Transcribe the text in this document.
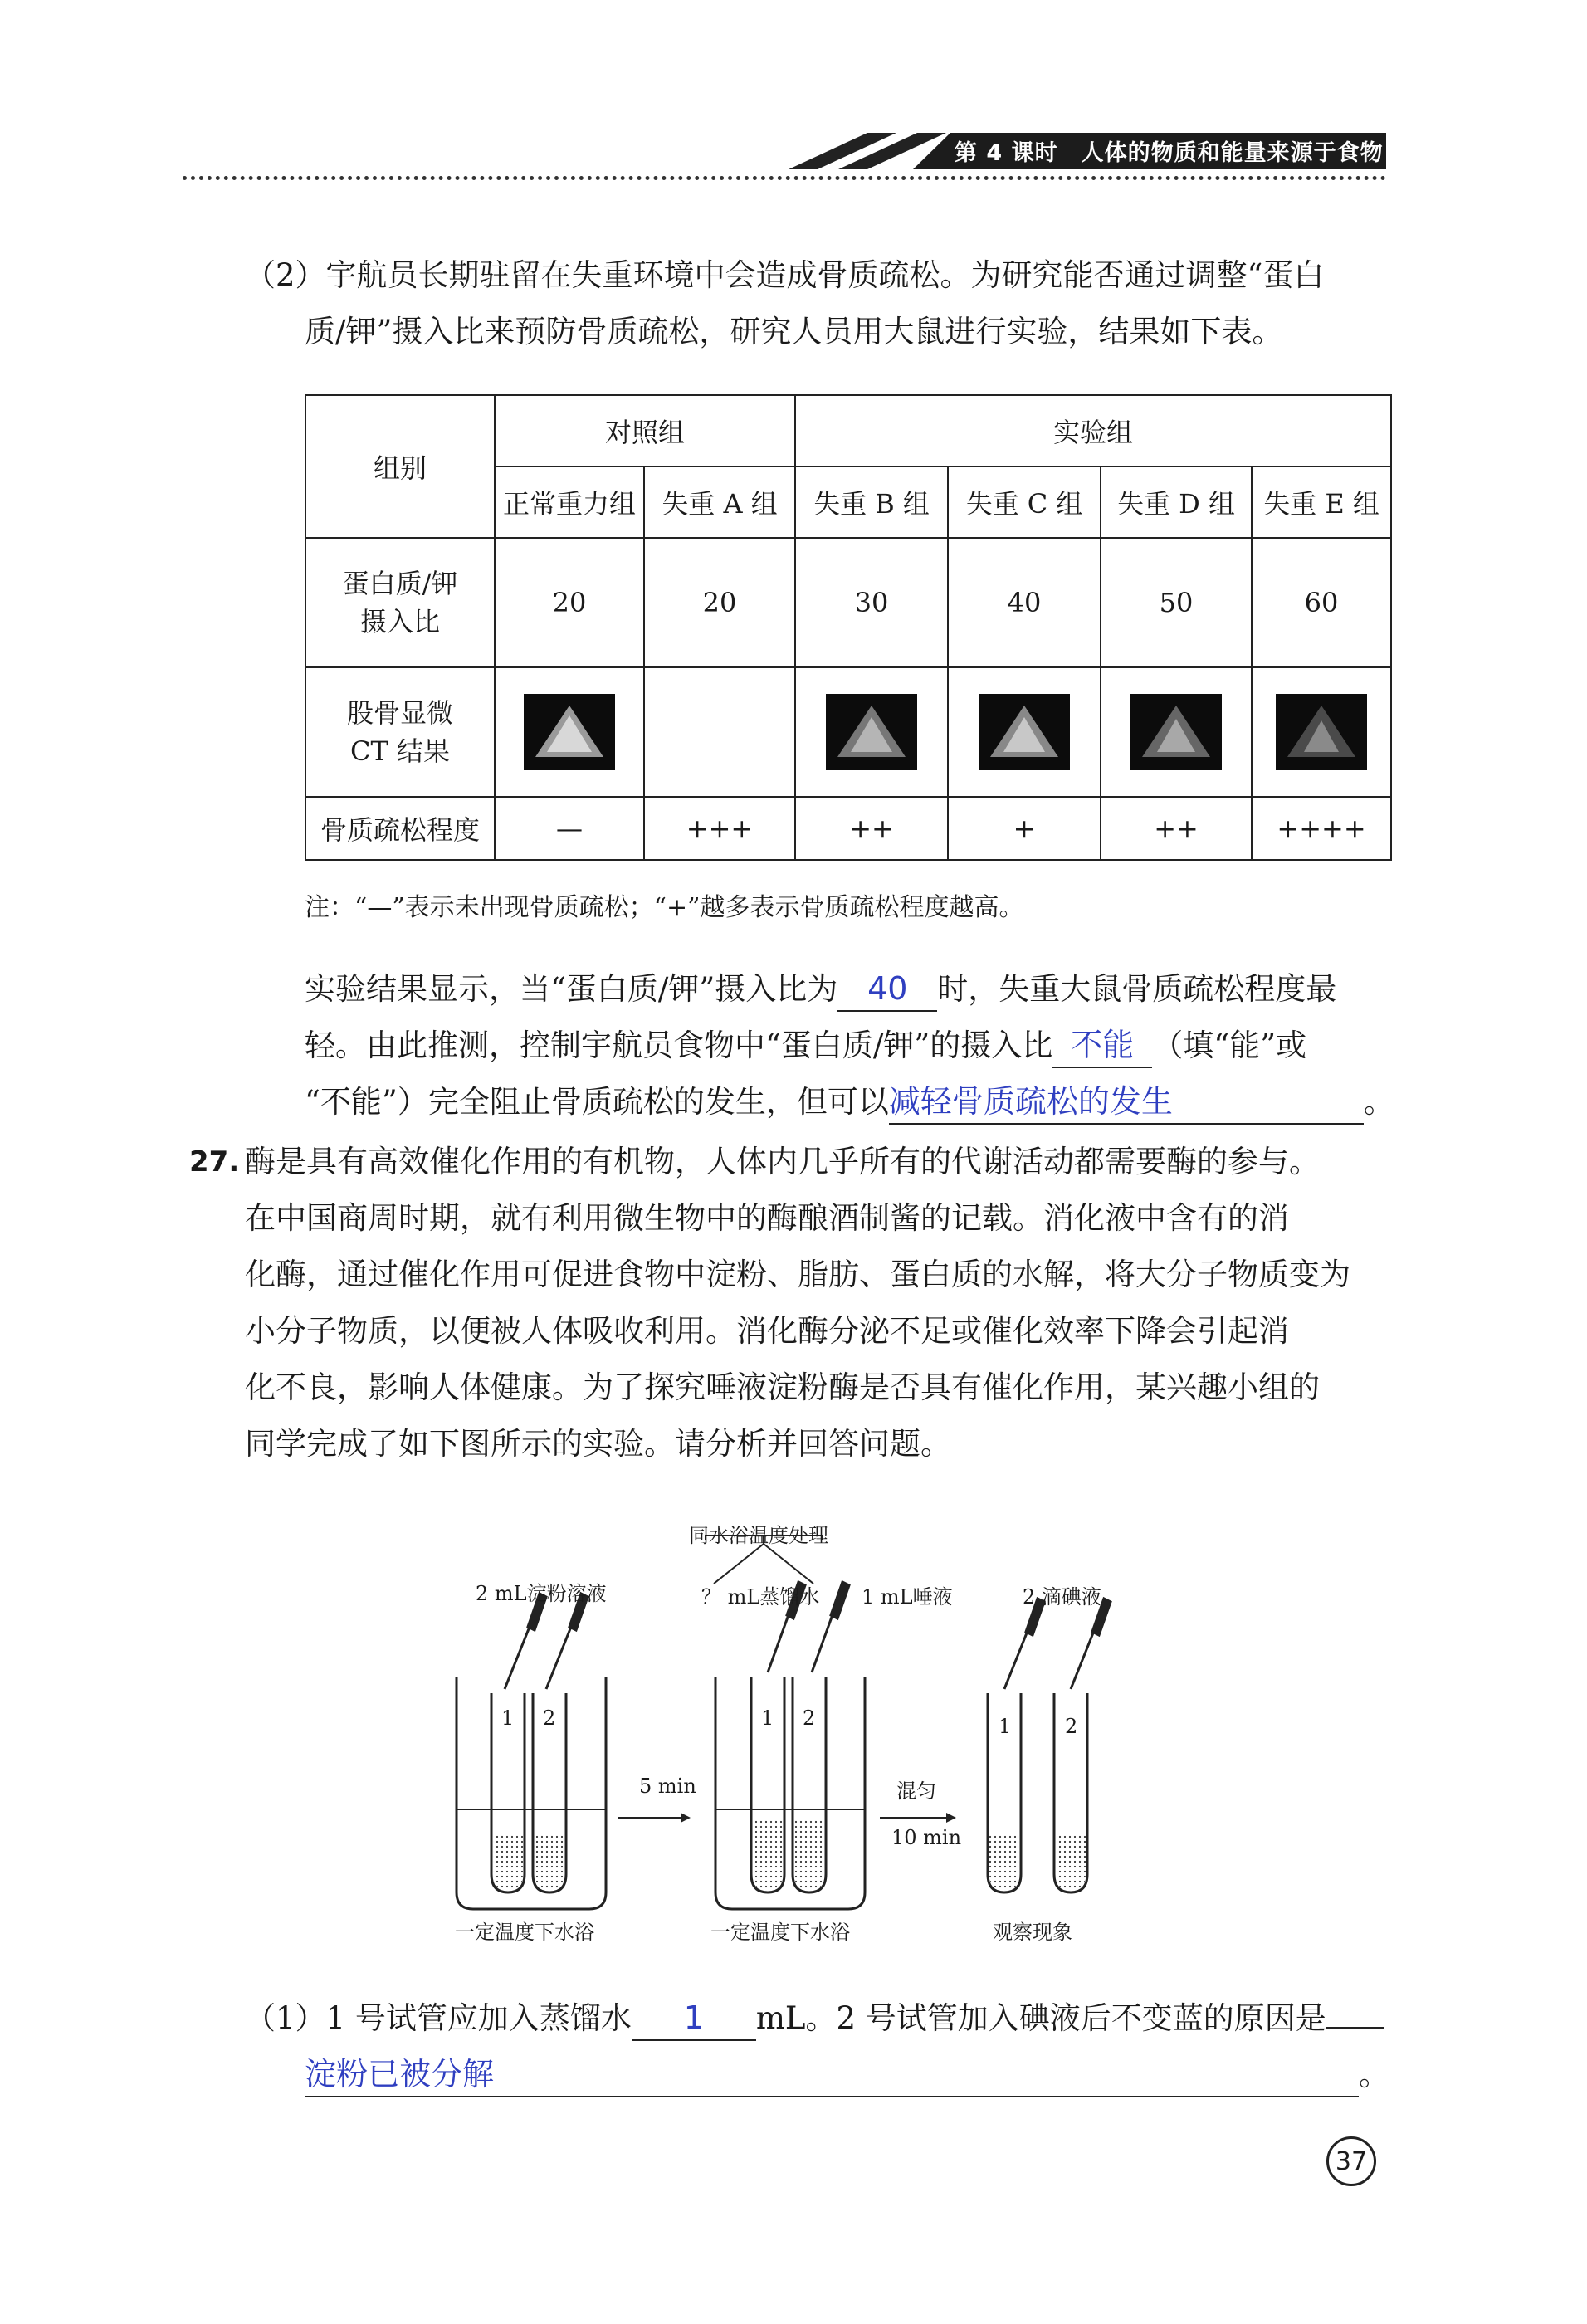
第 4 课时　人体的物质和能量来源于食物
（2）宇航员长期驻留在失重环境中会造成骨质疏松。为研究能否通过调整“蛋白
质/钾”摄入比来预防骨质疏松，研究人员用大鼠进行实验，结果如下表。
组别	对照组		实验组			
	正常重力组	失重 A 组	失重 B 组	失重 C 组	失重 D 组	失重 E 组

蛋白质/钾
摄入比	20	20	30	40	50	60

股骨显微
CT 结果

骨质疏松程度	—	+++	++	+	++	++++
注：“—”表示未出现骨质疏松；“+”越多表示骨质疏松程度越高。
实验结果显示，当“蛋白质/钾”摄入比为 40 时，失重大鼠骨质疏松程度最
轻。由此推测，控制宇航员食物中“蛋白质/钾”的摄入比 不能 （填“能”或
“不能”）完全阻止骨质疏松的发生，但可以减轻骨质疏松的发生	。
27. 酶是具有高效催化作用的有机物，人体内几乎所有的代谢活动都需要酶的参与。
在中国商周时期，就有利用微生物中的酶酿酒制酱的记载。消化液中含有的消
化酶，通过催化作用可促进食物中淀粉、脂肪、蛋白质的水解，将大分子物质变为
小分子物质，以便被人体吸收利用。消化酶分泌不足或催化效率下降会引起消
化不良，影响人体健康。为了探究唾液淀粉酶是否具有催化作用，某兴趣小组的
同学完成了如下图所示的实验。请分析并回答问题。
同水浴温度处理
2 mL淀粉溶液	？ mL蒸馏水 1 mL唾液	2 滴碘液
1 2	1 2	1	2
5 min	混匀
10 min
一定温度下水浴	一定温度下水浴	观察现象
（1）1 号试管应加入蒸馏水 1 mL。2 号试管加入碘液后不变蓝的原因是
淀粉已被分解	。
37
